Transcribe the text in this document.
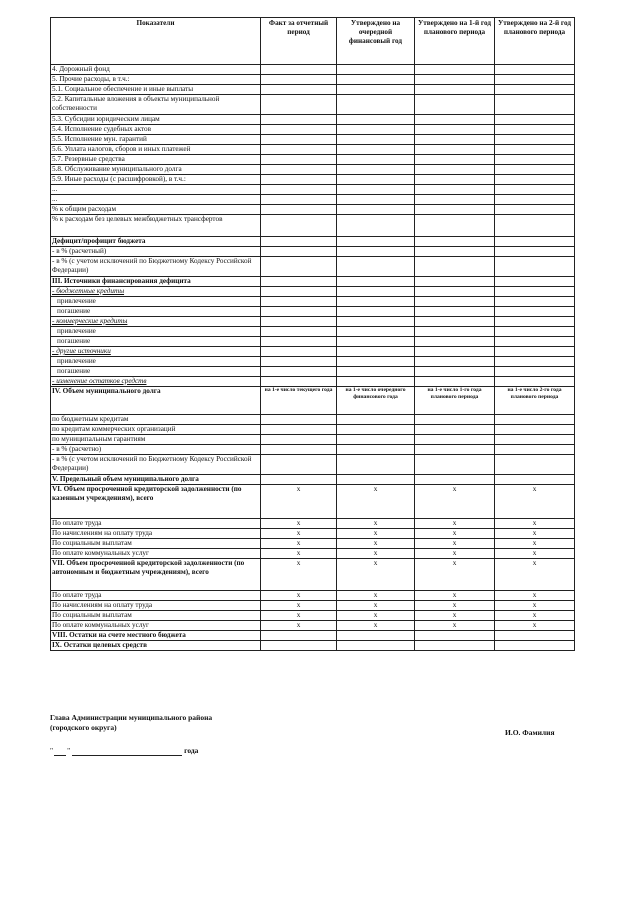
Показатели	Факт за отчетный период	Утверждено на очередной финансовый год	Утверждено на 1-й год планового периода	Утверждено на 2-й год планового периода
4. Дорожный фонд				
5. Прочие расходы, в т.ч.:				
5.1. Социальное обеспечение и иные выплаты				
5.2. Капитальные вложения в объекты муниципальной собственности				
5.3. Субсидии юридическим лицам				
5.4. Исполнение судебных актов				
5.5. Исполнение мун. гарантий				
5.6. Уплата налогов, сборов и иных платежей				
5.7. Резервные средства				
5.8. Обслуживание муниципального долга				
5.9. Иные расходы (с расшифровкой), в т.ч.:				
...				
...				
% к общим расходам				
% к расходам без целевых межбюджетных трансфертов				
Дефицит/профицит бюджета				
- в % (расчетный)				
- в % (с учетом исключений по Бюджетному Кодексу Российской Федерации)				
III. Источники финансирования дефицита				
- бюджетные кредиты				
привлечение				
погашение				
- коммерческие кредиты				
привлечение				
погашение				
- другие источники				
привлечение				
погашение				
- изменение остатков средств				
IV. Объем муниципального долга	на 1-е число текущего года	на 1-е число очередного финансового года	на 1-е число 1-го года планового периода	на 1-е число 2-го года планового периода
по бюджетным кредитам				
по кредитам коммерческих организаций				
по муниципальным гарантиям				
- в % (расчетно)				
- в % (с учетом исключений по Бюджетному Кодексу Российской Федерации)				
V. Предельный объем муниципального долга				
VI. Объем просроченной кредиторской задолженности (по казенным учреждениям), всего	x	x	x	x
По оплате труда	x	x	x	x
По начислениям на оплату труда	x	x	x	x
По социальным выплатам	x	x	x	x
По оплате коммунальных услуг	x	x	x	x
VII. Объем просроченной кредиторской задолженности (по автономным и бюджетным учреждениям), всего	x	x	x	x
По оплате труда	x	x	x	x
По начислениям на оплату труда	x	x	x	x
По социальным выплатам	x	x	x	x
По оплате коммунальных услуг	x	x	x	x
VIII. Остатки на счете местного бюджета				
IX. Остатки целевых средств				
Глава Администрации муниципального района
(городского округа)
И.О. Фамилия
" "	года
